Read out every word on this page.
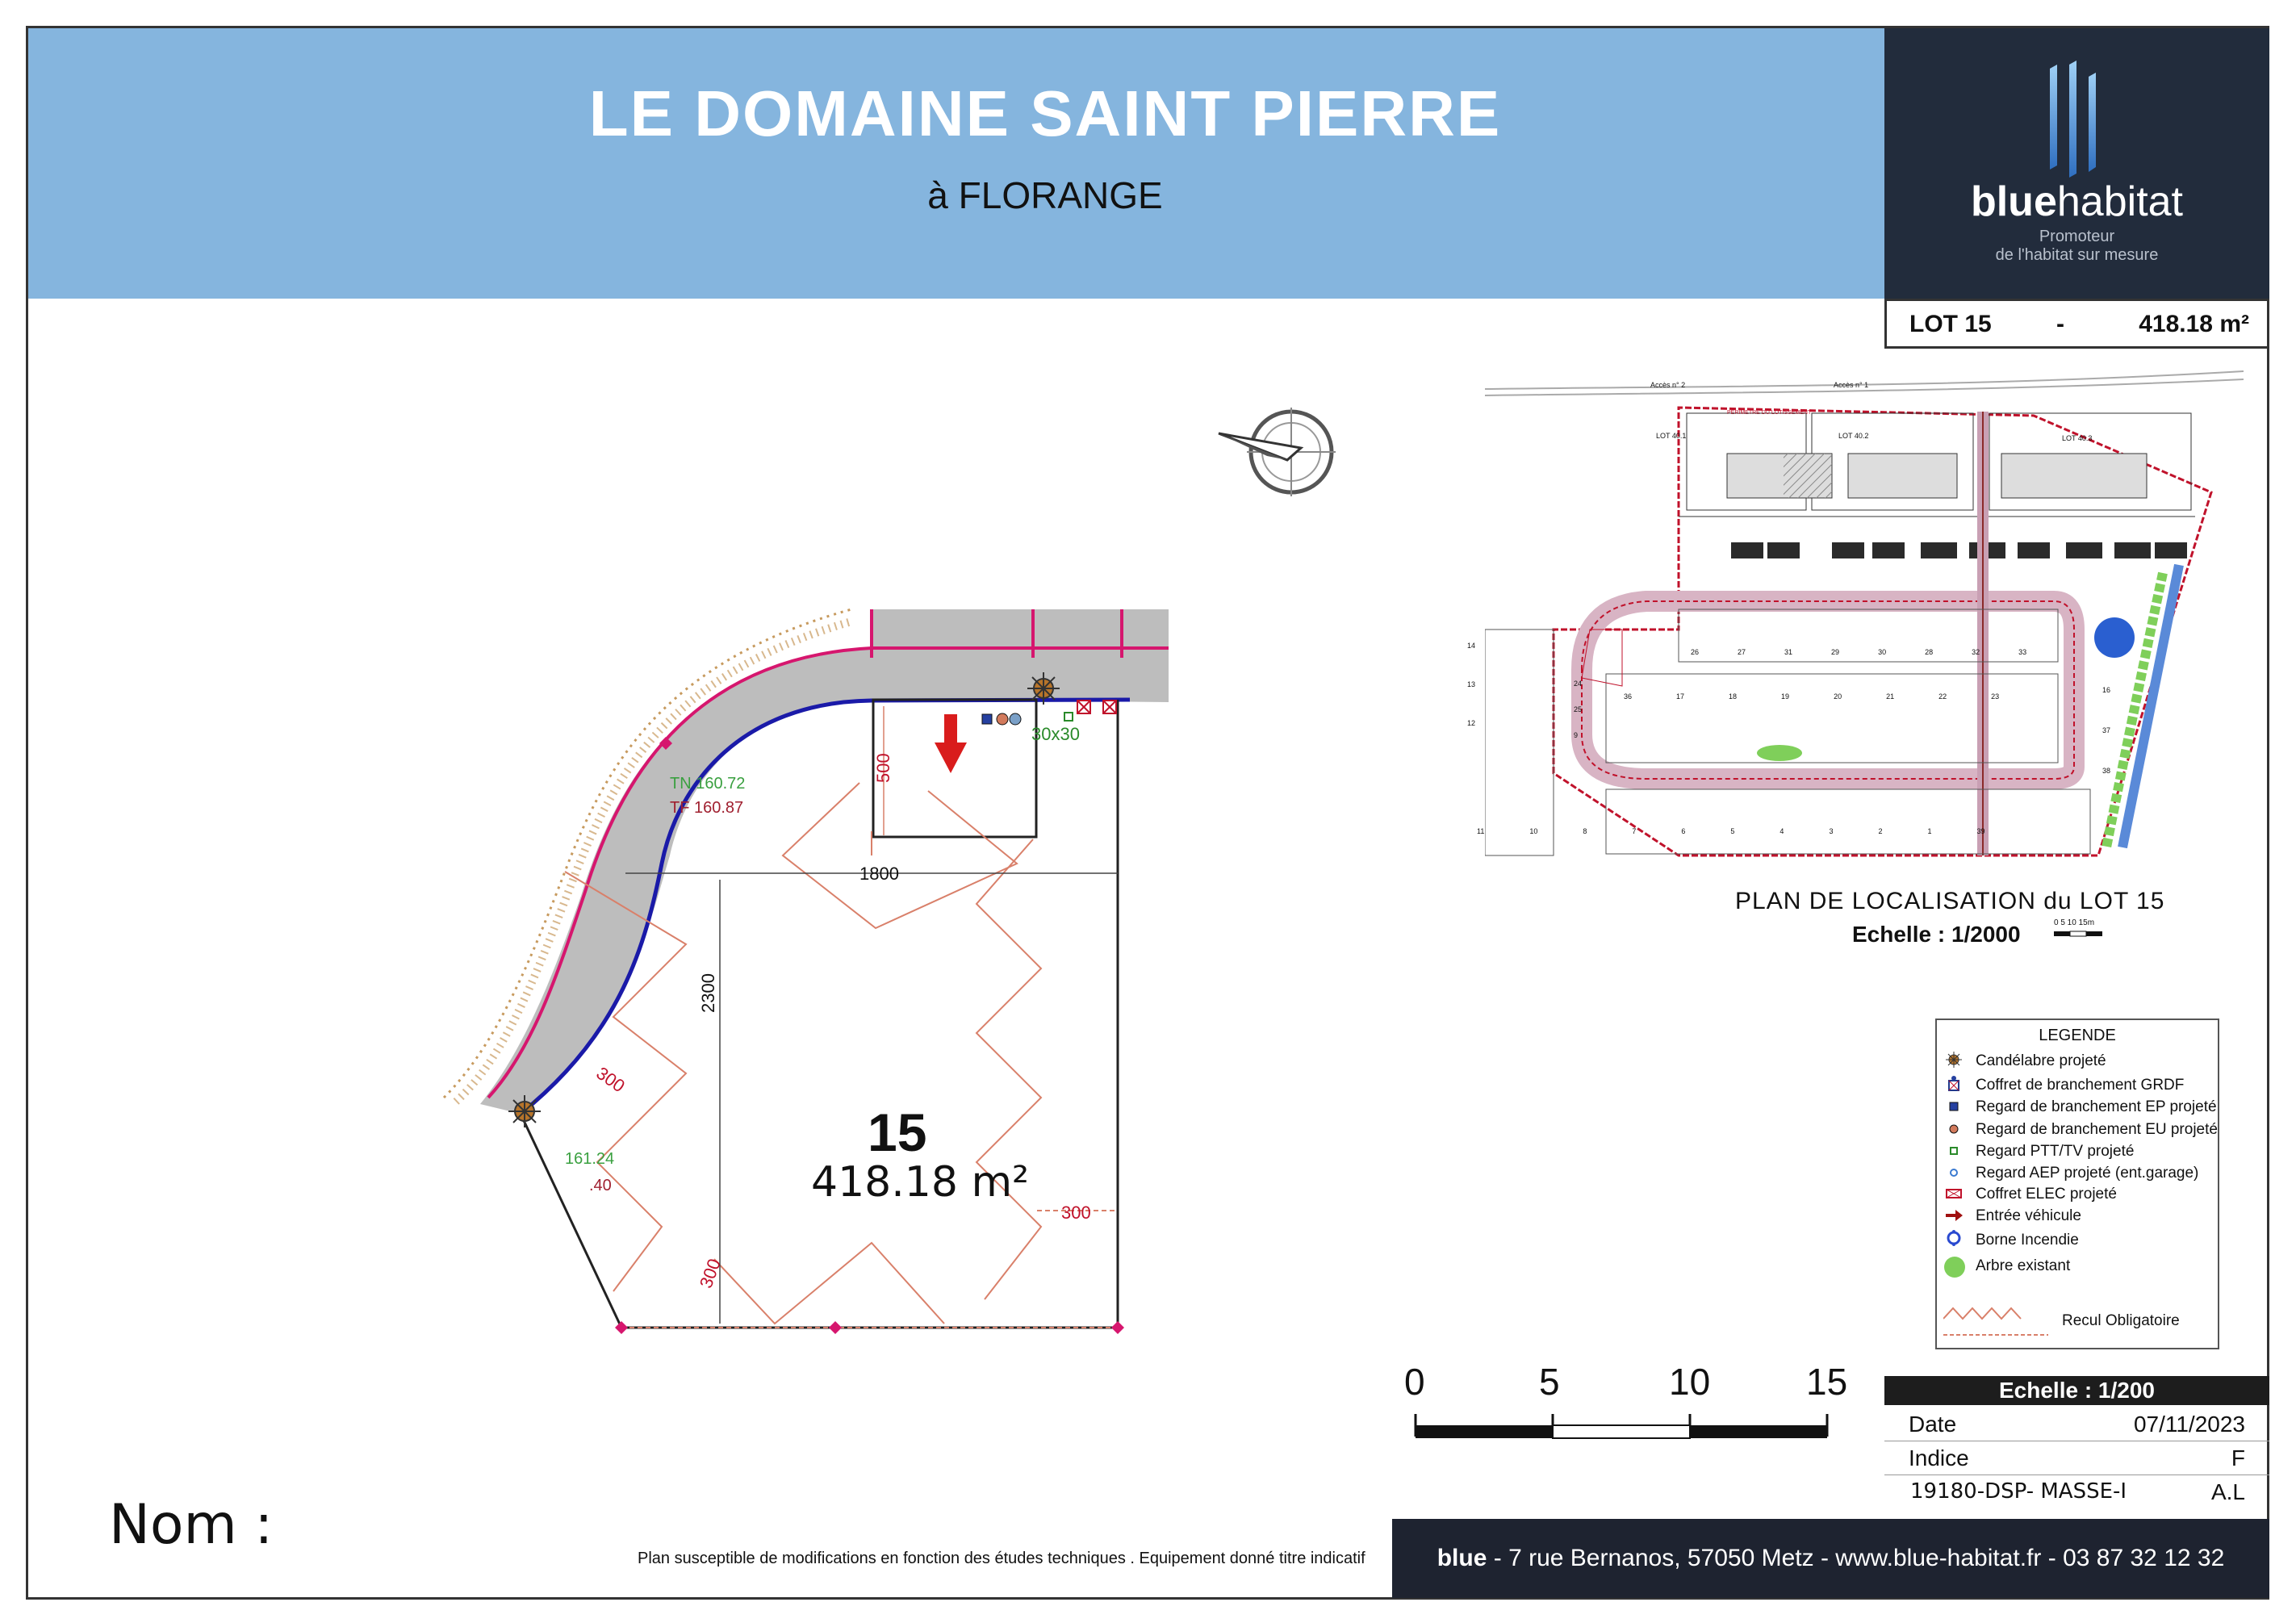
LE DOMAINE SAINT PIERRE
à FLORANGE	bluehabitat
Promoteur
de l'habitat sur mesure
LOT 15	-	418.18 m²
1800
2300
500
300
300
300
TN 160.72
TF 160.87
161.24
.40
30x30
15
418.18 m²
0	5	10	15
Accès n° 2	Accès n° 1
PERIMETRE DU LOTISSEMENT
LOT 40.1	LOT 40.2	LOT 40.3
26	27	31	29	30	28	32	33
36	17	18	19	20	21	22	23
11	10	8	7	6	5	4	3	2	1	39
14
13
12
24
25
9
16
37
38
PLAN DE LOCALISATION du LOT 15
Echelle : 1/2000	0 5 10 15m
LEGENDE
Candélabre projeté
Coffret de branchement GRDF
Regard de branchement EP projeté
Regard de branchement EU projeté
Regard PTT/TV projeté
Regard AEP projeté (ent.garage)
Coffret ELEC projeté
Entrée véhicule
Borne Incendie
Arbre existant
Recul Obligatoire
Echelle : 1/200
Date	07/11/2023
Indice	F
19180-DSP- MASSE-I	A.L
blue - 7 rue Bernanos, 57050 Metz - www.blue-habitat.fr - 03 87 32 12 32
Plan susceptible de modifications en fonction des études techniques . Equipement donné titre indicatif
Nom :
